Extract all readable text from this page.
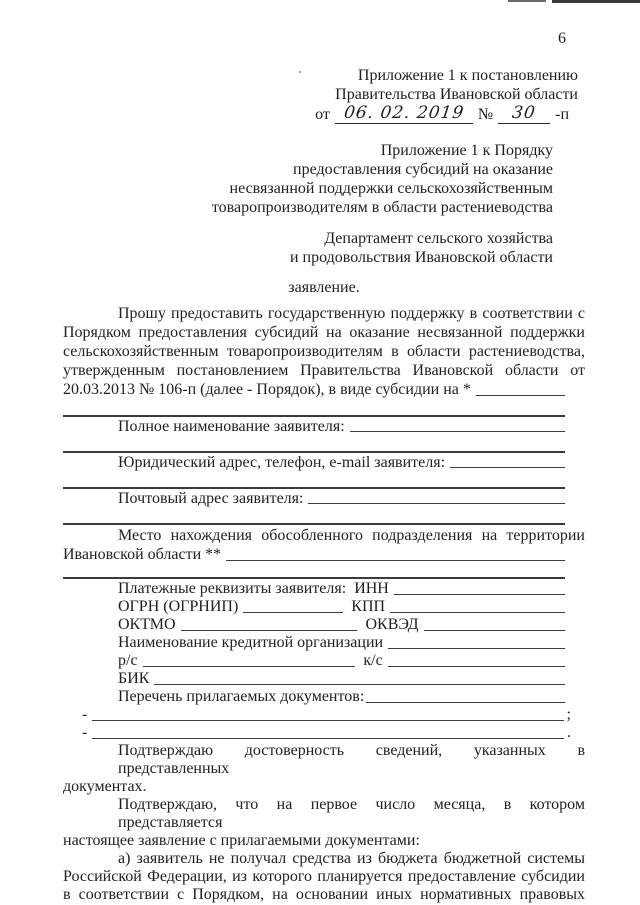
6
Приложение 1 к постановлению
Правительства Ивановской области
от 06. 02. 2019 №	30	-п
Приложение 1 к Порядку
предоставления субсидий на оказание
несвязанной поддержки сельскохозяйственным
товаропроизводителям в области растениеводства
Департамент сельского хозяйства
и продовольствия Ивановской области
заявление.
Прошу предоставить государственную поддержку в соответствии с
Порядком предоставления субсидий на оказание несвязанной поддержки
сельскохозяйственным товаропроизводителям в области растениеводства,
утвержденным постановлением Правительства Ивановской области от
20.03.2013 № 106-п (далее - Порядок), в виде субсидии на *
Полное наименование заявителя:
Юридический адрес, телефон, e-mail заявителя:
Почтовый адрес заявителя:
Место нахождения обособленного подразделения на территории
Ивановской области **
Платежные реквизиты заявителя: ИНН
ОГРН (ОГРНИП)	КПП
ОКТМО	ОКВЭД
Наименование кредитной организации
р/с	к/с
БИК
Перечень прилагаемых документов:
-	;
-	.
Подтверждаю достоверность сведений, указанных в представленных
документах.
Подтверждаю, что на первое число месяца, в котором представляется
настоящее заявление с прилагаемыми документами:
а) заявитель не получал средства из бюджета бюджетной системы
Российской Федерации, из которого планируется предоставление субсидии
в соответствии с Порядком, на основании иных нормативных правовых
